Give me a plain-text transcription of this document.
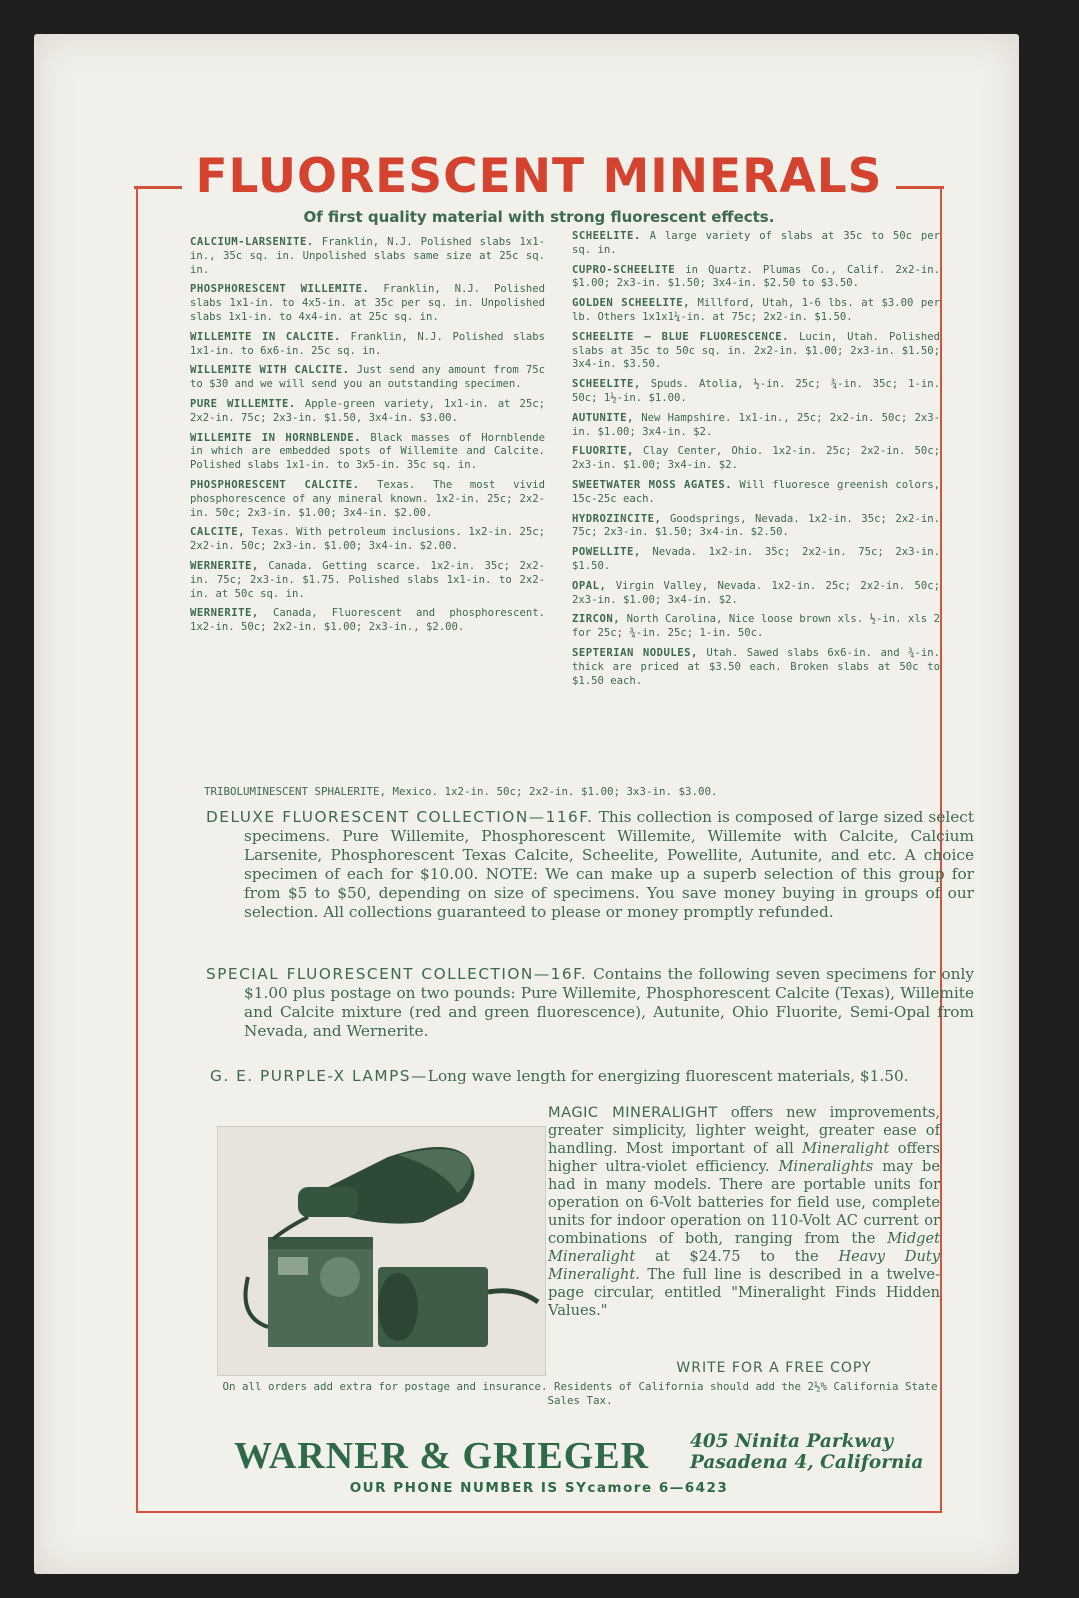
FLUORESCENT MINERALS
Of first quality material with strong fluorescent effects.
CALCIUM-LARSENITE. Franklin, N.J. Polished slabs 1x1-in., 35c sq. in. Unpolished slabs same size at 25c sq. in.
PHOSPHORESCENT WILLEMITE. Franklin, N.J. Polished slabs 1x1-in. to 4x5-in. at 35c per sq. in. Unpolished slabs 1x1-in. to 4x4-in. at 25c sq. in.
WILLEMITE IN CALCITE. Franklin, N.J. Polished slabs 1x1-in. to 6x6-in. 25c sq. in.
WILLEMITE WITH CALCITE. Just send any amount from 75c to $30 and we will send you an outstanding specimen.
PURE WILLEMITE. Apple-green variety, 1x1-in. at 25c; 2x2-in. 75c; 2x3-in. $1.50, 3x4-in. $3.00.
WILLEMITE IN HORNBLENDE. Black masses of Hornblende in which are embedded spots of Willemite and Calcite. Polished slabs 1x1-in. to 3x5-in. 35c sq. in.
PHOSPHORESCENT CALCITE. Texas. The most vivid phosphorescence of any mineral known. 1x2-in. 25c; 2x2-in. 50c; 2x3-in. $1.00; 3x4-in. $2.00.
CALCITE, Texas. With petroleum inclusions. 1x2-in. 25c; 2x2-in. 50c; 2x3-in. $1.00; 3x4-in. $2.00.
WERNERITE, Canada. Getting scarce. 1x2-in. 35c; 2x2-in. 75c; 2x3-in. $1.75. Polished slabs 1x1-in. to 2x2-in. at 50c sq. in.
WERNERITE, Canada, Fluorescent and phosphorescent. 1x2-in. 50c; 2x2-in. $1.00; 2x3-in., $2.00.
SCHEELITE. A large variety of slabs at 35c to 50c per sq. in.
CUPRO-SCHEELITE in Quartz. Plumas Co., Calif. 2x2-in. $1.00; 2x3-in. $1.50; 3x4-in. $2.50 to $3.50.
GOLDEN SCHEELITE, Millford, Utah, 1-6 lbs. at $3.00 per lb. Others 1x1x1¼-in. at 75c; 2x2-in. $1.50.
SCHEELITE — BLUE FLUORESCENCE. Lucin, Utah. Polished slabs at 35c to 50c sq. in. 2x2-in. $1.00; 2x3-in. $1.50; 3x4-in. $3.50.
SCHEELITE, Spuds. Atolia, ½-in. 25c; ¾-in. 35c; 1-in. 50c; 1½-in. $1.00.
AUTUNITE, New Hampshire. 1x1-in., 25c; 2x2-in. 50c; 2x3-in. $1.00; 3x4-in. $2.
FLUORITE, Clay Center, Ohio. 1x2-in. 25c; 2x2-in. 50c; 2x3-in. $1.00; 3x4-in. $2.
SWEETWATER MOSS AGATES. Will fluoresce greenish colors, 15c-25c each.
HYDROZINCITE, Goodsprings, Nevada. 1x2-in. 35c; 2x2-in. 75c; 2x3-in. $1.50; 3x4-in. $2.50.
POWELLITE, Nevada. 1x2-in. 35c; 2x2-in. 75c; 2x3-in. $1.50.
OPAL, Virgin Valley, Nevada. 1x2-in. 25c; 2x2-in. 50c; 2x3-in. $1.00; 3x4-in. $2.
ZIRCON, North Carolina, Nice loose brown xls. ½-in. xls 2 for 25c; ¾-in. 25c; 1-in. 50c.
SEPTERIAN NODULES, Utah. Sawed slabs 6x6-in. and ¾-in. thick are priced at $3.50 each. Broken slabs at 50c to $1.50 each.
TRIBOLUMINESCENT SPHALERITE, Mexico. 1x2-in. 50c; 2x2-in. $1.00; 3x3-in. $3.00.
DELUXE FLUORESCENT COLLECTION—116F. This collection is composed of large sized select specimens. Pure Willemite, Phosphorescent Willemite, Willemite with Calcite, Calcium Larsenite, Phosphorescent Texas Calcite, Scheelite, Powellite, Autunite, and etc. A choice specimen of each for $10.00. NOTE: We can make up a superb selection of this group for from $5 to $50, depending on size of specimens. You save money buying in groups of our selection. All collections guaranteed to please or money promptly refunded.
SPECIAL FLUORESCENT COLLECTION—16F. Contains the following seven specimens for only $1.00 plus postage on two pounds: Pure Willemite, Phosphorescent Calcite (Texas), Willemite and Calcite mixture (red and green fluorescence), Autunite, Ohio Fluorite, Semi-Opal from Nevada, and Wernerite.
G. E. PURPLE-X LAMPS—Long wave length for energizing fluorescent materials, $1.50.
MAGIC MINERALIGHT offers new improvements, greater simplicity, lighter weight, greater ease of handling. Most important of all Mineralight offers higher ultra-violet efficiency. Mineralights may be had in many models. There are portable units for operation on 6-Volt batteries for field use, complete units for indoor operation on 110-Volt AC current or combinations of both, ranging from the Midget Mineralight at $24.75 to the Heavy Duty Mineralight. The full line is described in a twelve-page circular, entitled "Mineralight Finds Hidden Values."
WRITE FOR A FREE COPY
On all orders add extra for postage and insurance. Residents of California should add the 2½% California State Sales Tax.
WARNER & GRIEGER 405 Ninita Parkway
Pasadena 4, California
OUR PHONE NUMBER IS SYcamore 6—6423
